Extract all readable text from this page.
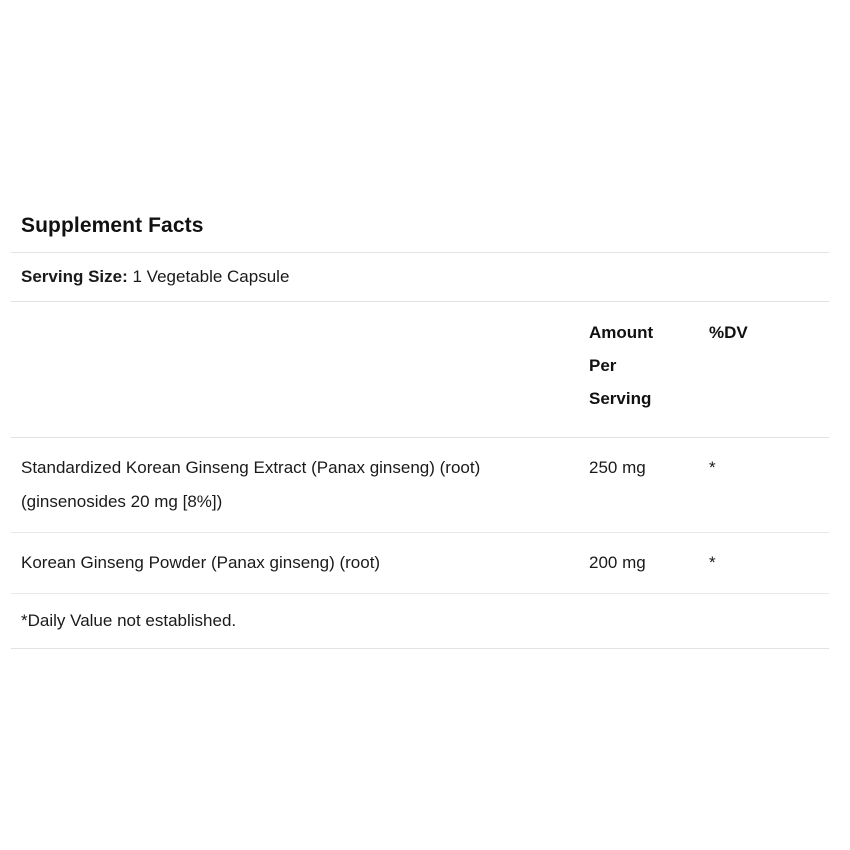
Supplement Facts
Serving Size: 1 Vegetable Capsule

	Amount Per Serving	%DV
Standardized Korean Ginseng Extract (Panax ginseng) (root) (ginsenosides 20 mg [8%])	250 mg	*
Korean Ginseng Powder (Panax ginseng) (root)	200 mg	*
*Daily Value not established.
